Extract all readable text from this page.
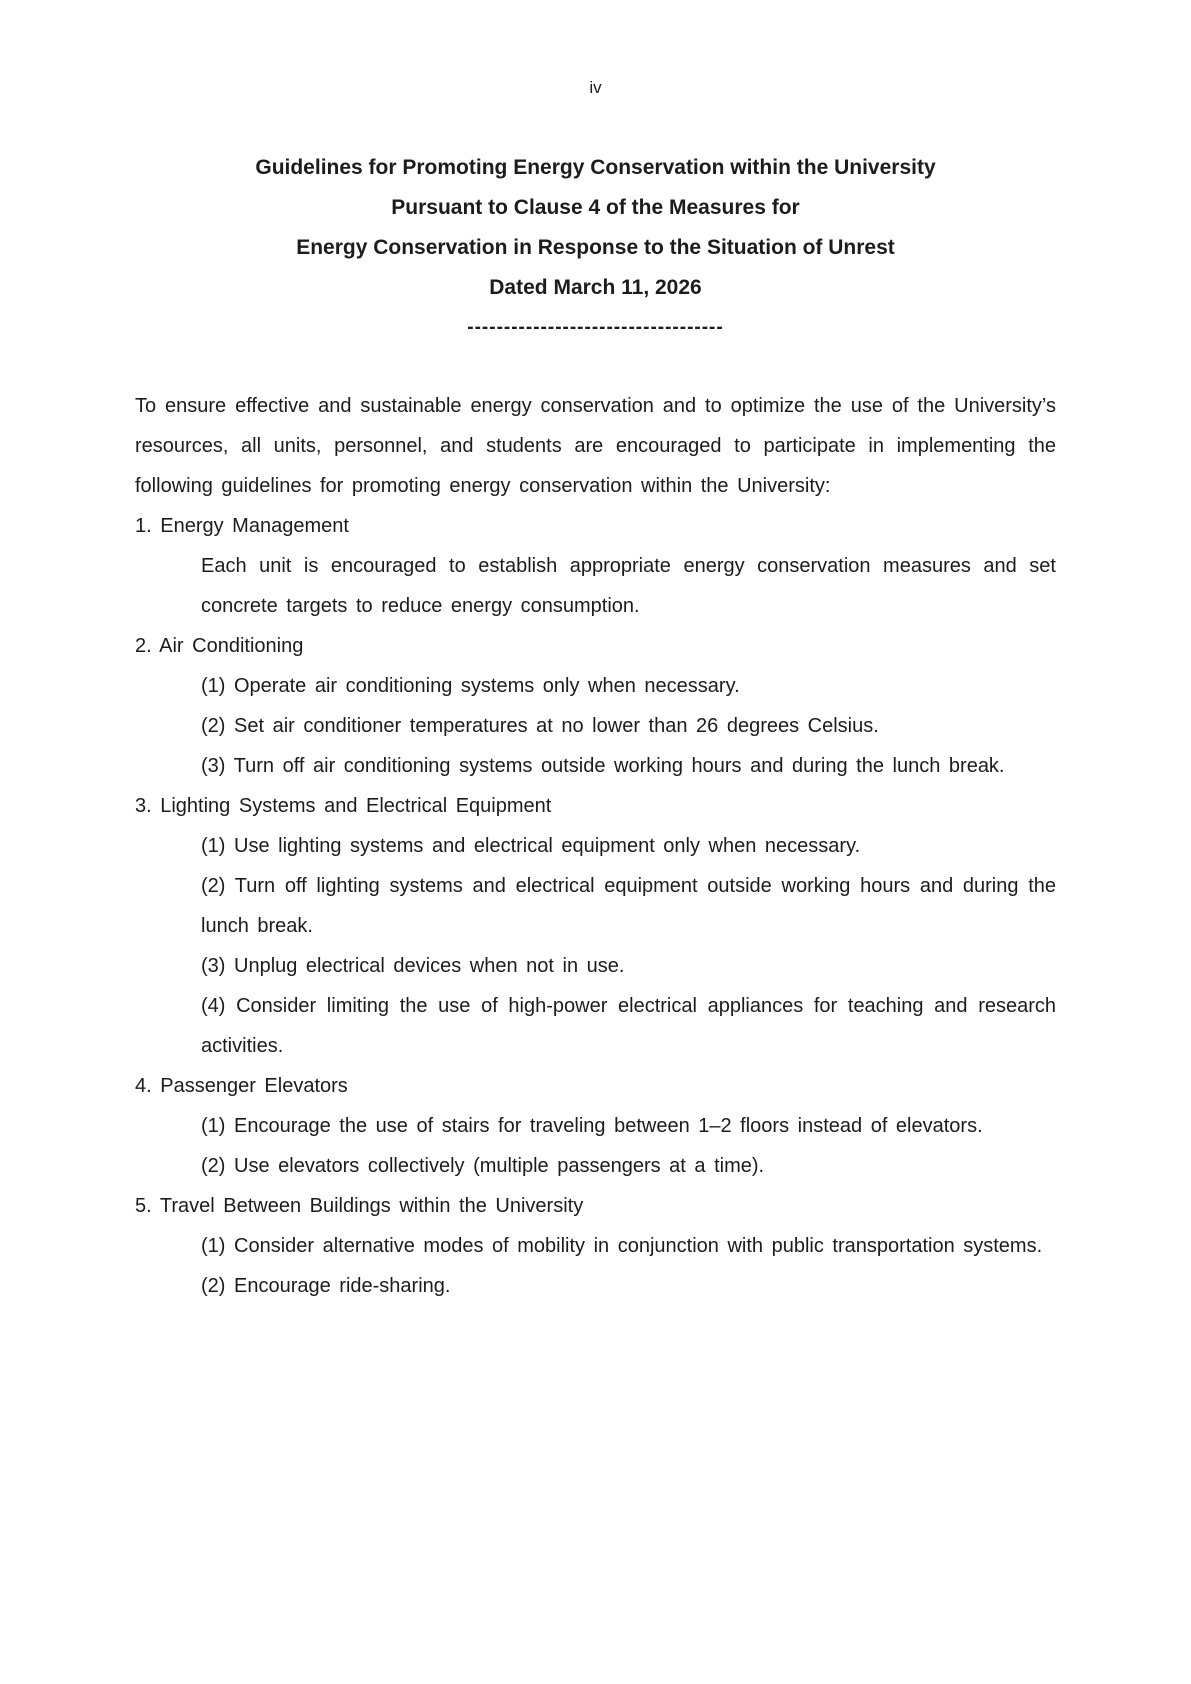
iv
Guidelines for Promoting Energy Conservation within the University
Pursuant to Clause 4 of the Measures for
Energy Conservation in Response to the Situation of Unrest
Dated March 11, 2026
-----------------------------------

To ensure effective and sustainable energy conservation and to optimize the use of the University’s resources, all units, personnel, and students are encouraged to participate in implementing the following guidelines for promoting energy conservation within the University:

1. Energy Management

Each unit is encouraged to establish appropriate energy conservation measures and set concrete targets to reduce energy consumption.

2. Air Conditioning

(1) Operate air conditioning systems only when necessary.

(2) Set air conditioner temperatures at no lower than 26 degrees Celsius.

(3) Turn off air conditioning systems outside working hours and during the lunch break.

3. Lighting Systems and Electrical Equipment

(1) Use lighting systems and electrical equipment only when necessary.

(2) Turn off lighting systems and electrical equipment outside working hours and during the lunch break.

(3) Unplug electrical devices when not in use.

(4) Consider limiting the use of high-power electrical appliances for teaching and research activities.

4. Passenger Elevators

(1) Encourage the use of stairs for traveling between 1–2 floors instead of elevators.

(2) Use elevators collectively (multiple passengers at a time).

5. Travel Between Buildings within the University

(1) Consider alternative modes of mobility in conjunction with public transportation systems.

(2) Encourage ride-sharing.
